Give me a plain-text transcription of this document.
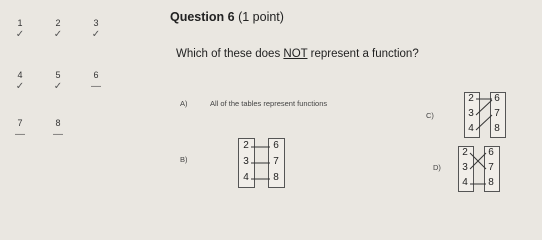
1
✓
2
✓
3
✓
4
✓
5
✓
6
—
7
—
8
—
Question 6 (1 point)
Which of these does NOT represent a function?
A)	All of the tables represent functions
B)
2
3
4
6
7
8
C)
2
3
4
6
7
8
D)
2
3
4
6
7
8
